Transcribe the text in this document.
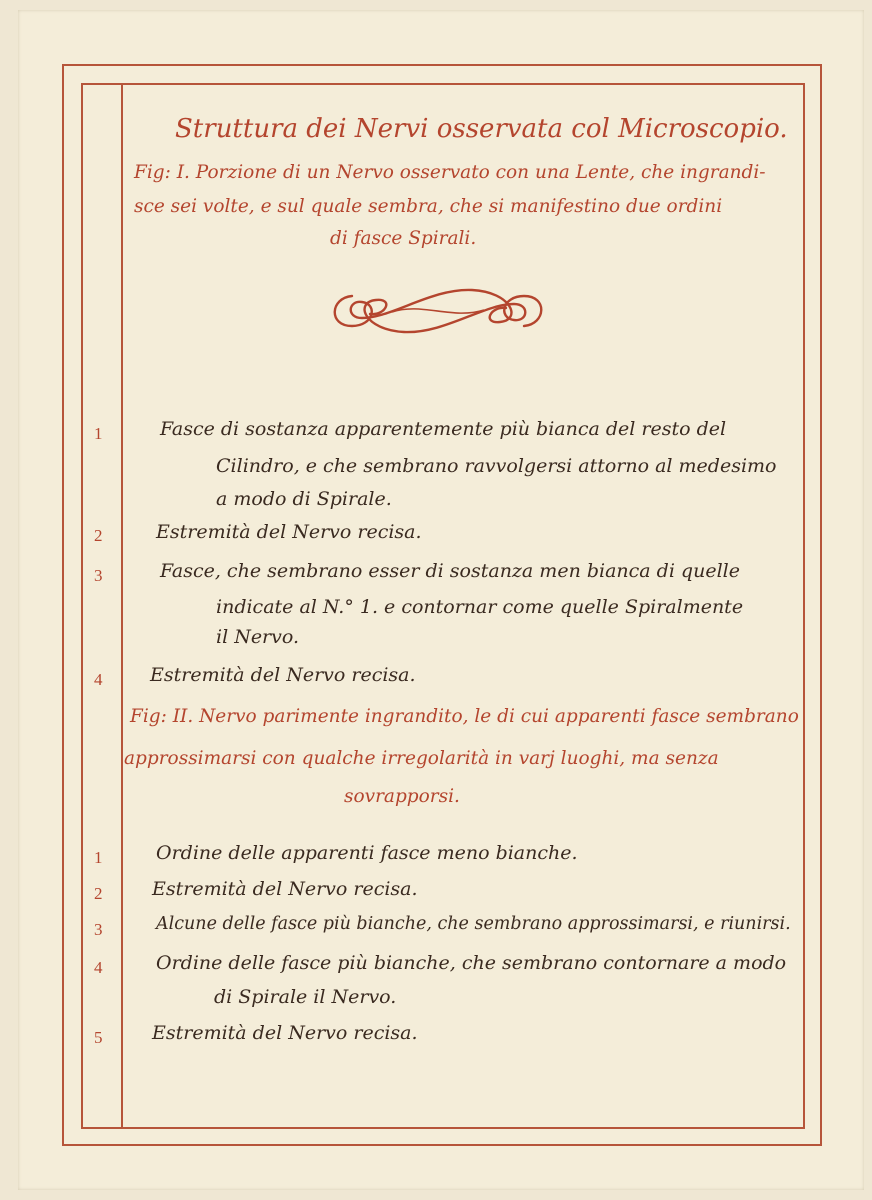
Struttura dei Nervi osservata col Microscopio.
Fig: I. Porzione di un Nervo osservato con una Lente, che ingrandi-
sce sei volte, e sul quale sembra, che si manifestino due ordini
di fasce Spirali.
1	Fasce di sostanza apparentemente più bianca del resto del
Cilindro, e che sembrano ravvolgersi attorno al medesimo
a modo di Spirale.
2	Estremità del Nervo recisa.
3	Fasce, che sembrano esser di sostanza men bianca di quelle
indicate al N.° 1. e contornar come quelle Spiralmente
il Nervo.
4	Estremità del Nervo recisa.
Fig: II. Nervo parimente ingrandito, le di cui apparenti fasce sembrano
approssimarsi con qualche irregolarità in varj luoghi, ma senza
sovrapporsi.
1	Ordine delle apparenti fasce meno bianche.
2	Estremità del Nervo recisa.
3	Alcune delle fasce più bianche, che sembrano approssimarsi, e riunirsi.
4	Ordine delle fasce più bianche, che sembrano contornare a modo
di Spirale il Nervo.
5	Estremità del Nervo recisa.
